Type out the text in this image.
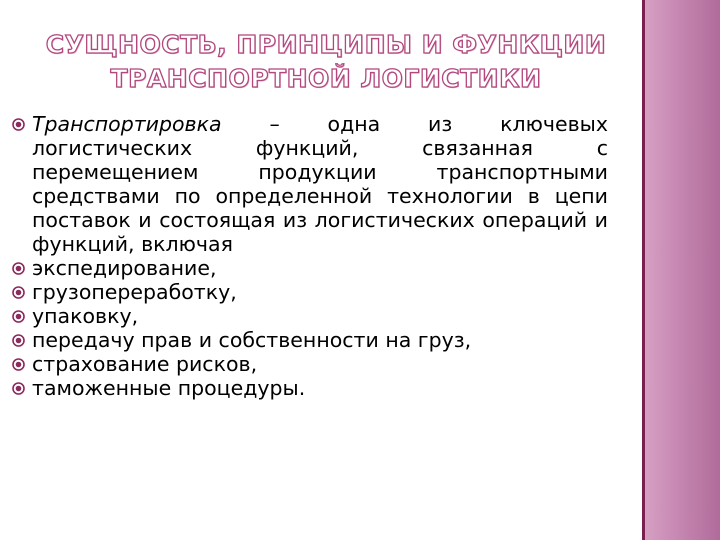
СУЩНОСТЬ, ПРИНЦИПЫ И ФУНКЦИИ ТРАНСПОРТНОЙ ЛОГИСТИКИ
Транспортировка – одна из ключевых логистических функций, связанная с перемещением продукции транспортными средствами по определенной технологии в цепи поставок и состоящая из логистических операций и функций, включая
экспедирование,
грузопереработку,
упаковку,
передачу прав и собственности на груз,
страхование рисков,
таможенные процедуры.
